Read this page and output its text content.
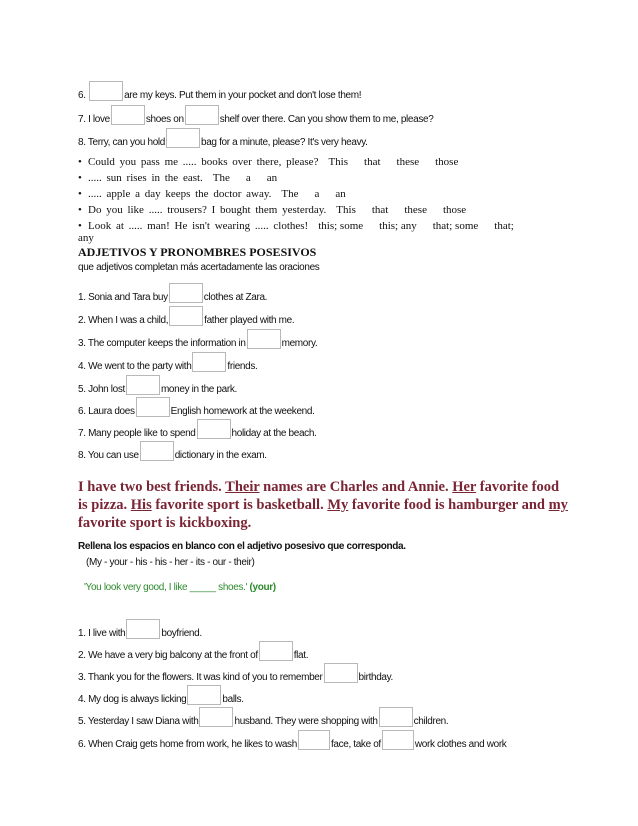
6.	are my keys. Put them in your pocket and don't lose them!
7. I love	shoes on	shelf over there. Can you show them to me, please?
8. Terry, can you hold	bag for a minute, please? It's very heavy.
• Could you pass me ..... books over there, please? This that these those
• ..... sun rises in the east. The a an
• ..... apple a day keeps the doctor away. The a an
• Do you like ..... trousers? I bought them yesterday. This that these those
• Look at ..... man! He isn't wearing ..... clothes! this; some this; any that; some that;
any
ADJETIVOS Y PRONOMBRES POSESIVOS
que adjetivos completan más acertadamente las oraciones
1. Sonia and Tara buy	clothes at Zara.
2. When I was a child,	father played with me.
3. The computer keeps the information in	memory.
4. We went to the party with	friends.
5. John lost	money in the park.
6. Laura does	English homework at the weekend.
7. Many people like to spend	holiday at the beach.
8. You can use	dictionary in the exam.
I have two best friends. Their names are Charles and Annie. Her favorite food is pizza. His favorite sport is basketball. My favorite food is hamburger and my favorite sport is kickboxing.
Rellena los espacios en blanco con el adjetivo posesivo que corresponda.
(My - your - his - his - her - its - our - their)
'You look very good, I like _____ shoes.' (your)
1. I live with	boyfriend.
2. We have a very big balcony at the front of	flat.
3. Thank you for the flowers. It was kind of you to remember	birthday.
4. My dog is always licking	balls.
5. Yesterday I saw Diana with	husband. They were shopping with	children.
6. When Craig gets home from work, he likes to wash	face, take of	work clothes and work
